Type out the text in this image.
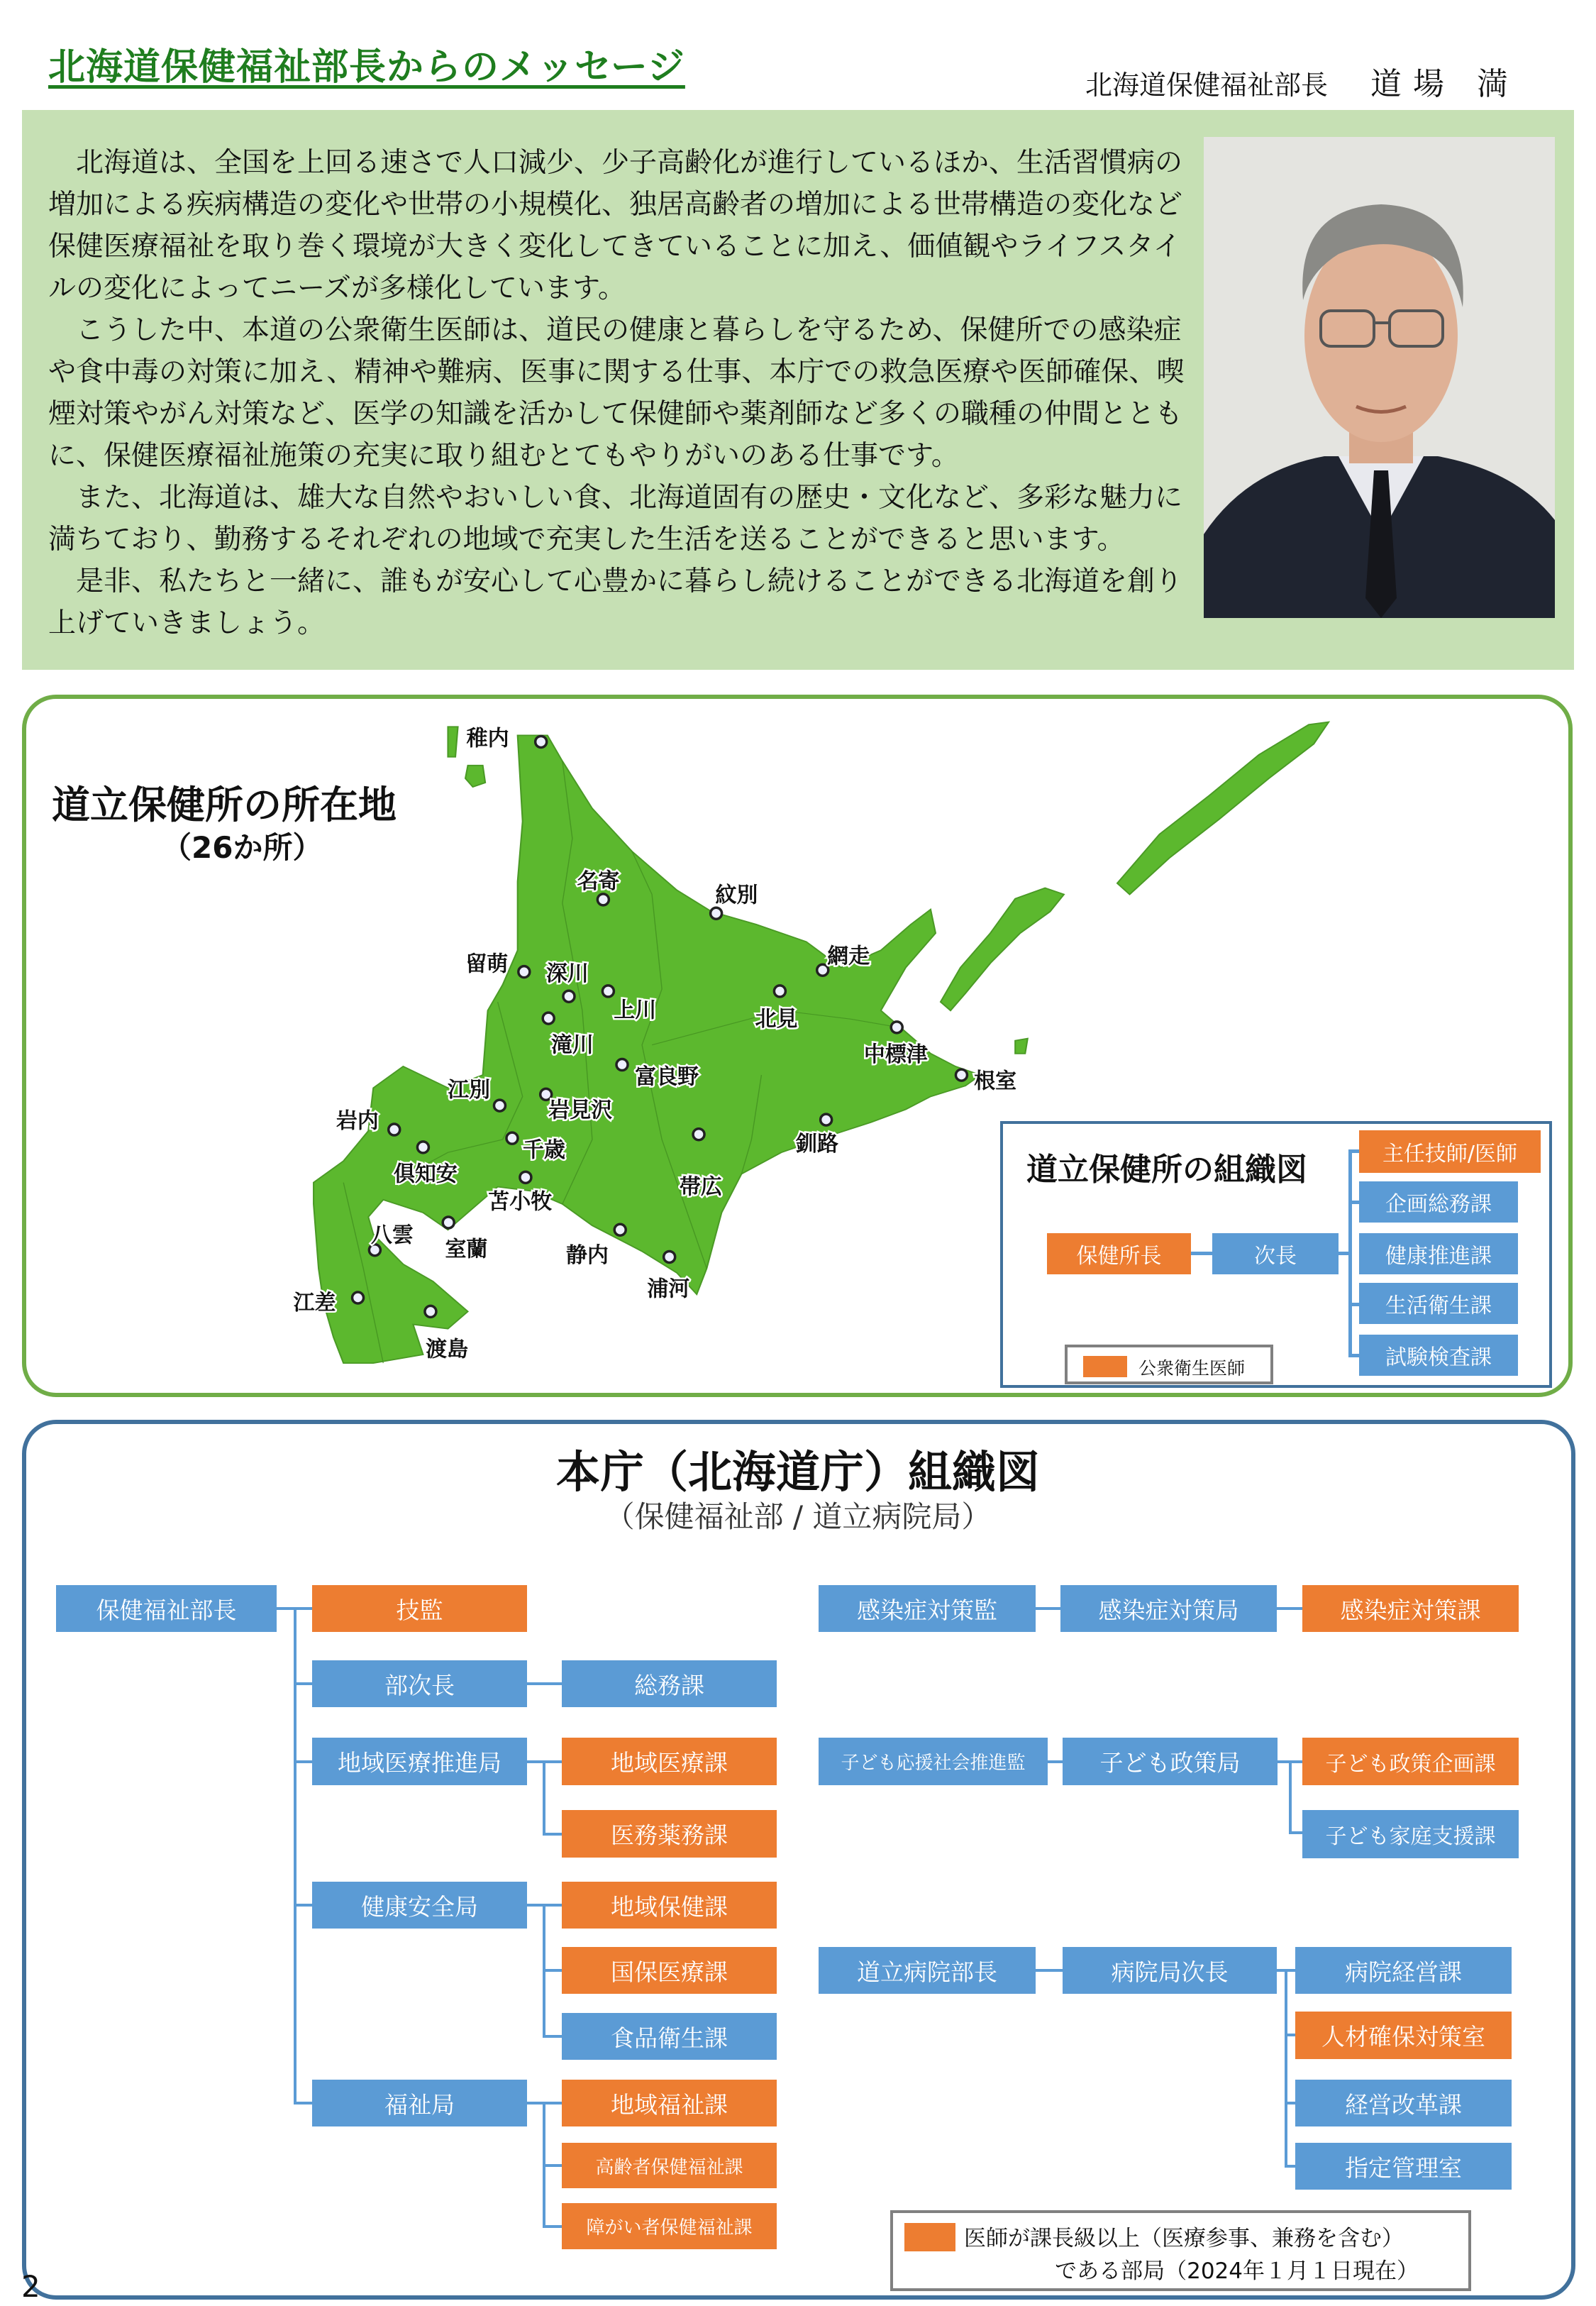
北海道保健福祉部長からのメッセージ	北海道保健福祉部長 道場 満

北海道は、全国を上回る速さで人口減少、少子高齢化が進行しているほか、生活習慣病の増加による疾病構造の変化や世帯の小規模化、独居高齢者の増加による世帯構造の変化など保健医療福祉を取り巻く環境が大きく変化してきていることに加え、価値観やライフスタイルの変化によってニーズが多様化しています。

こうした中、本道の公衆衛生医師は、道民の健康と暮らしを守るため、保健所での感染症や食中毒の対策に加え、精神や難病、医事に関する仕事、本庁での救急医療や医師確保、喫煙対策やがん対策など、医学の知識を活かして保健師や薬剤師など多くの職種の仲間とともに、保健医療福祉施策の充実に取り組むとてもやりがいのある仕事です。

また、北海道は、雄大な自然やおいしい食、北海道固有の歴史・文化など、多彩な魅力に満ちており、勤務するそれぞれの地域で充実した生活を送ることができると思います。

是非、私たちと一緒に、誰もが安心して心豊かに暮らし続けることができる北海道を創り上げていきましょう。

道立保健所の所在地
（26か所）
稚内
名寄
紋別
留萌 深川
上川
滝川
網走
北見
中標津
根室
富良野
江別
岩見沢
岩内
倶知安
千歳
苫小牧
帯広
釧路
室蘭
八雲
静内
浦河
江差
渡島
道立保健所の組織図
保健所長	次長
主任技師/医師
企画総務課
健康推進課
生活衛生課
試験検査課
公衆衛生医師
本庁（北海道庁）組織図
（保健福祉部 / 道立病院局）
保健福祉部長	技監
部次長	総務課
地域医療推進局	地域医療課
医務薬務課
健康安全局	地域保健課
国保医療課
食品衛生課
福祉局	地域福祉課
高齢者保健福祉課
障がい者保健福祉課
感染症対策監	感染症対策局	感染症対策課
子ども応援社会推進監	子ども政策局	子ども政策企画課
子ども家庭支援課
道立病院部長	病院局次長	病院経営課
人材確保対策室
経営改革課
指定管理室
医師が課長級以上（医療参事、兼務を含む）
である部局（2024年１月１日現在）
2
